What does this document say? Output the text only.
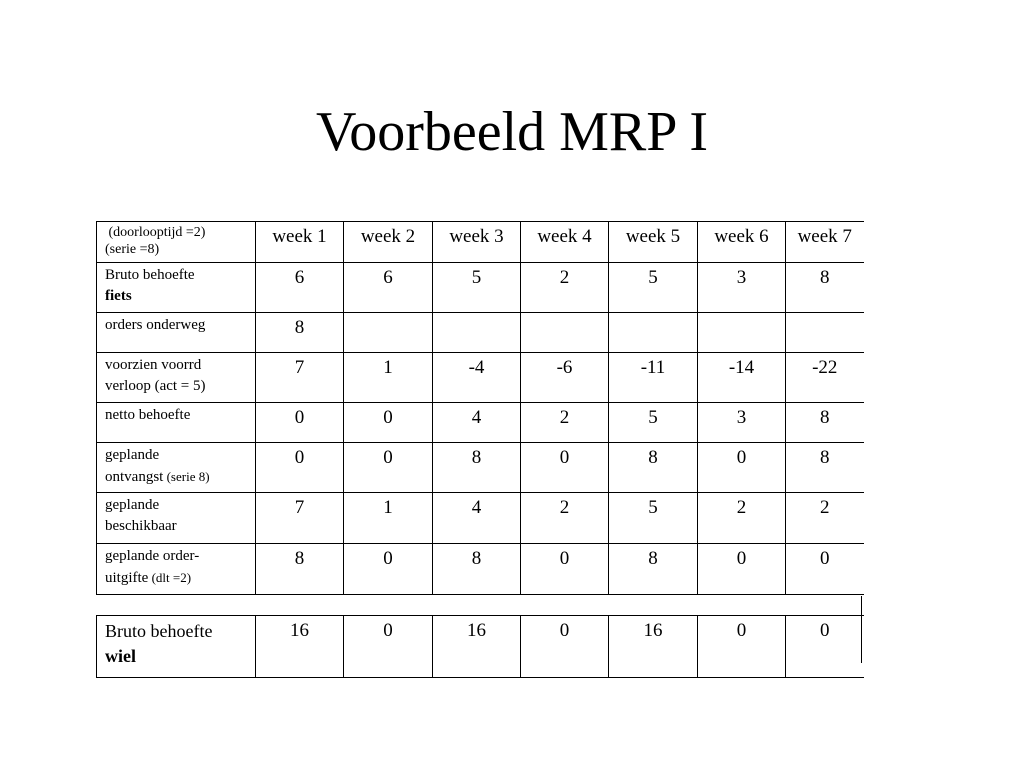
Voorbeeld MRP I
(doorlooptijd =2)
(serie =8)	week 1	week 2	week 3	week 4	week 5	week 6	week 7
Bruto behoefte
fiets	6	6	5	2	5	3	8
orders onderweg	8						
voorzien voorrd
verloop (act = 5)	7	1	-4	-6	-11	-14	-22
netto behoefte	0	0	4	2	5	3	8
geplande
ontvangst (serie 8)	0	0	8	0	8	0	8
geplande
beschikbaar	7	1	4	2	5	2	2
geplande order-
uitgifte (dlt =2)	8	0	8	0	8	0	0
Bruto behoefte
wiel	16	0	16	0	16	0	0
